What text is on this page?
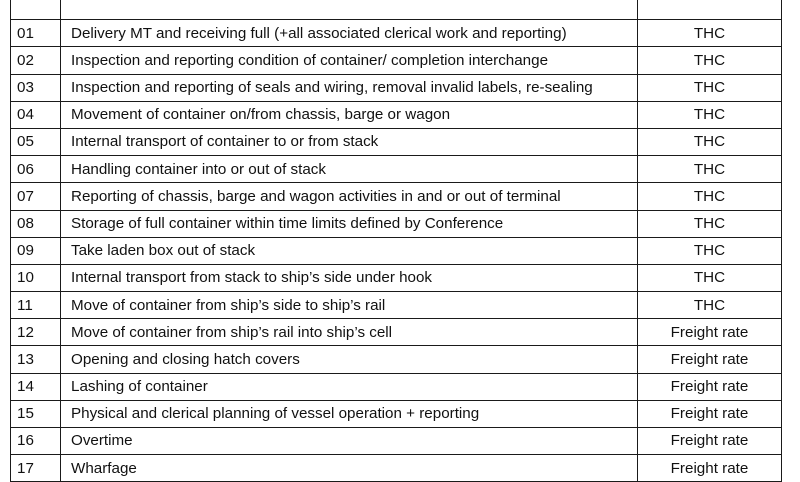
01	Delivery MT and receiving full (+all associated clerical work and reporting)	THC
02	Inspection and reporting condition of container/ completion interchange	THC
03	Inspection and reporting of seals and wiring, removal invalid labels, re-sealing	THC
04	Movement of container on/from chassis, barge or wagon	THC
05	Internal transport of container to or from stack	THC
06	Handling container into or out of stack	THC
07	Reporting of chassis, barge and wagon activities in and or out of terminal	THC
08	Storage of full container within time limits defined by Conference	THC
09	Take laden box out of stack	THC
10	Internal transport from stack to ship’s side under hook	THC
11	Move of container from ship’s side to ship’s rail	THC
12	Move of container from ship’s rail into ship’s cell	Freight rate
13	Opening and closing hatch covers	Freight rate
14	Lashing of container	Freight rate
15	Physical and clerical planning of vessel operation + reporting	Freight rate
16	Overtime	Freight rate
17	Wharfage	Freight rate
